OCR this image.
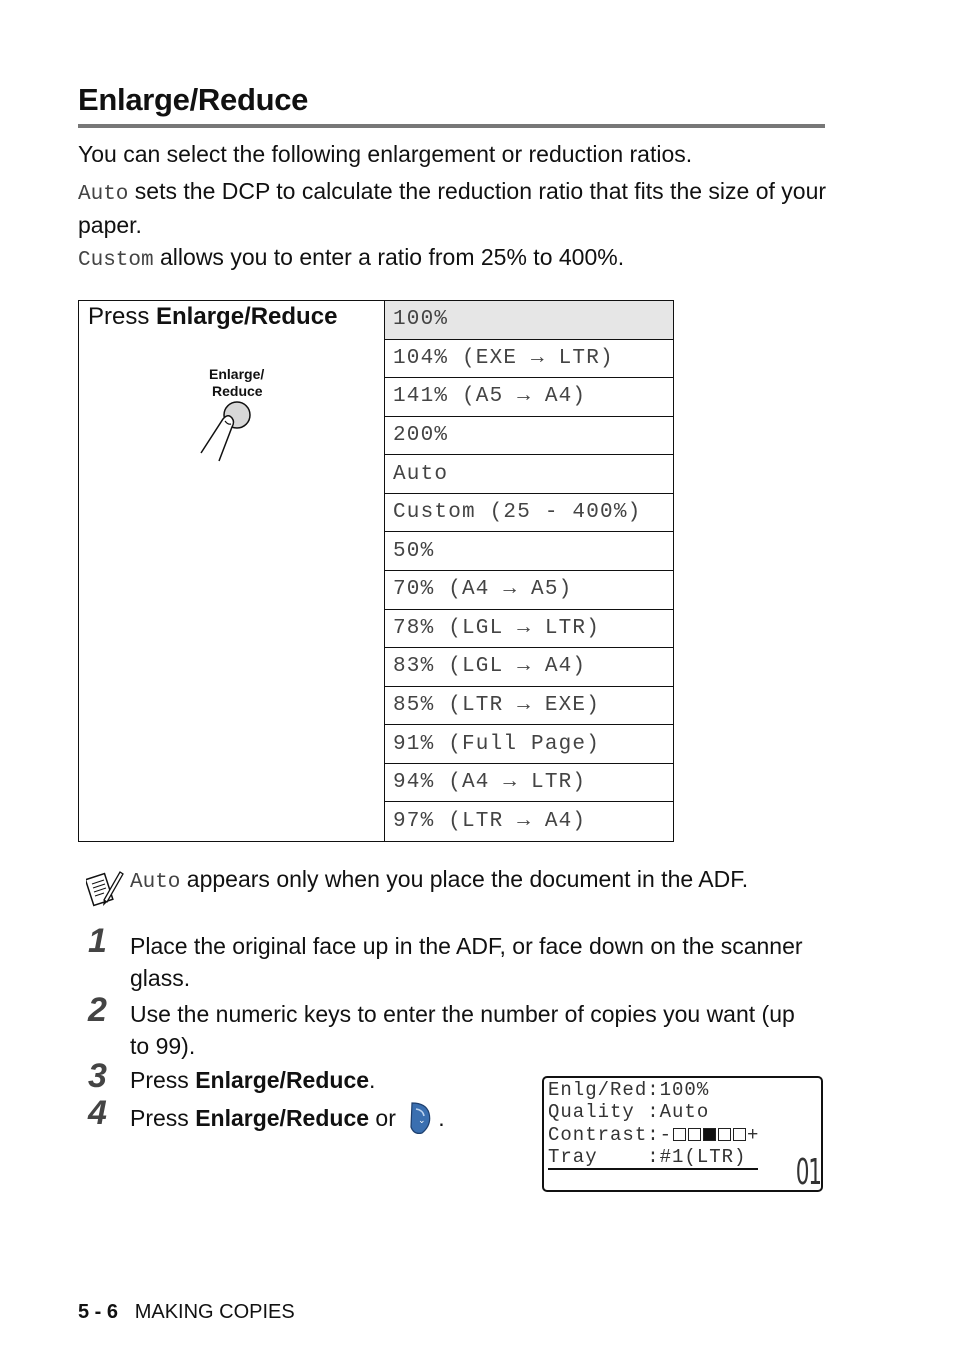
Enlarge/Reduce

You can select the following enlargement or reduction ratios.

Auto sets the DCP to calculate the reduction ratio that fits the size of your paper.

Custom allows you to enter a ratio from 25% to 400%.

Press Enlarge/Reduce
Enlarge/
Reduce
100%
104% (EXE → LTR)
141% (A5 → A4)
200%
Auto
Custom (25 - 400%)
50%
70% (A4 → A5)
78% (LGL → LTR)
83% (LGL → A4)
85% (LTR → EXE)
91% (Full Page)
94% (A4 → LTR)
97% (LTR → A4)
Auto appears only when you place the document in the ADF.
1 Place the original face up in the ADF, or face down on the scanner glass.
2 Use the numeric keys to enter the number of copies you want (up to 99).
3 Press Enlarge/Reduce.
4 Press Enlarge/Reduce or ⌄ .
Enlg/Red:100%
Quality :Auto
Contrast:-	+
Tray    :#1(LTR) 01
5 - 6 MAKING COPIES
